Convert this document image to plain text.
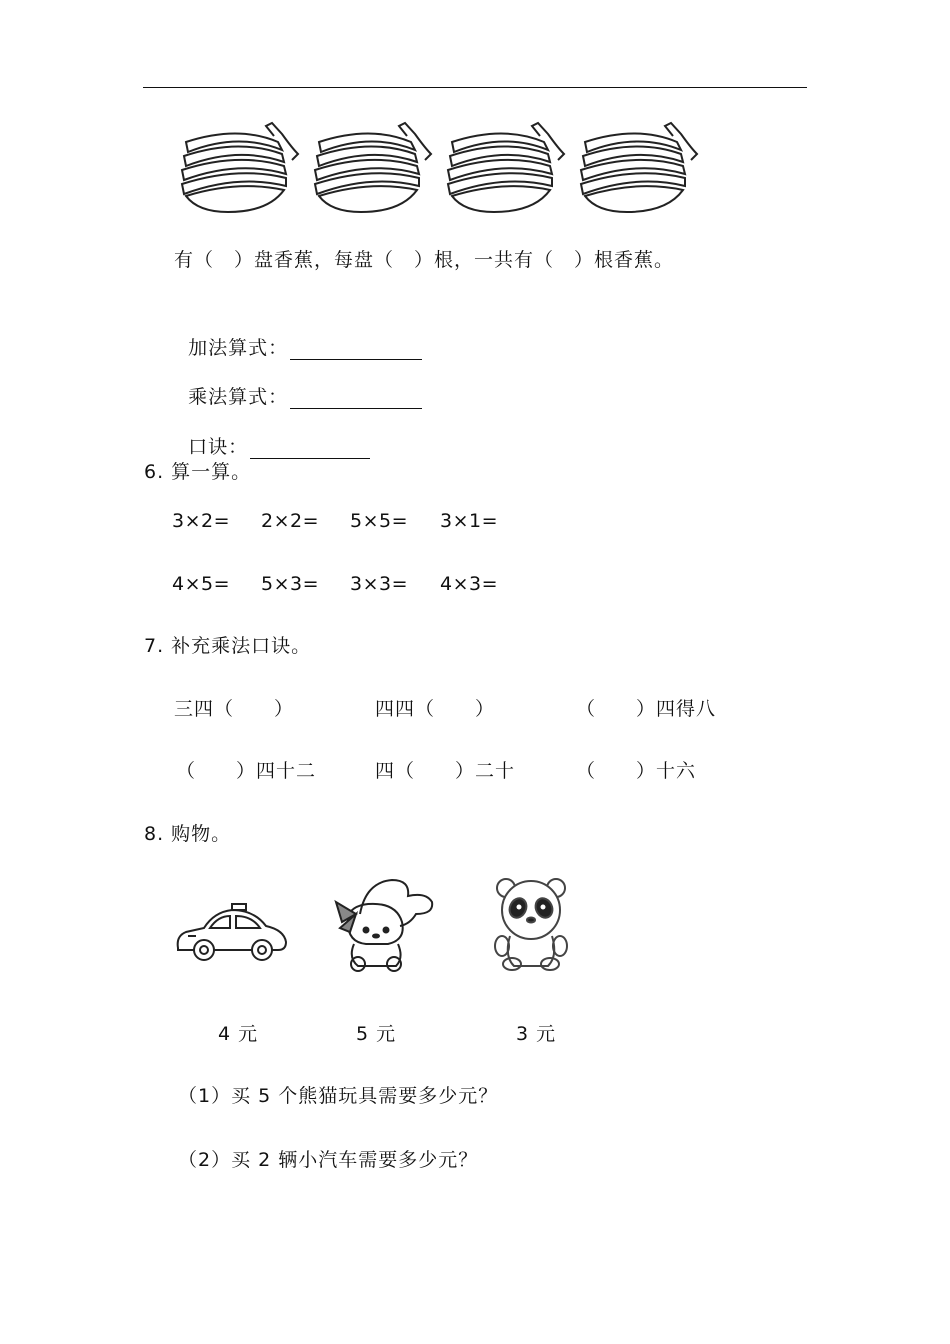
有（　）盘香蕉，每盘（　）根，一共有（　）根香蕉。

加法算式：

乘法算式：

口诀：

6. 算一算。
3×2= 2×2= 5×5= 3×1=
4×5= 5×3= 3×3= 4×3=
7. 补充乘法口诀。
三四（　　）	四四（　　）	（　　）四得八
（　　）四十二	四（　　）二十	（　　）十六
8. 购物。
4 元	5 元	3 元
（1）买 5 个熊猫玩具需要多少元？
（2）买 2 辆小汽车需要多少元？
